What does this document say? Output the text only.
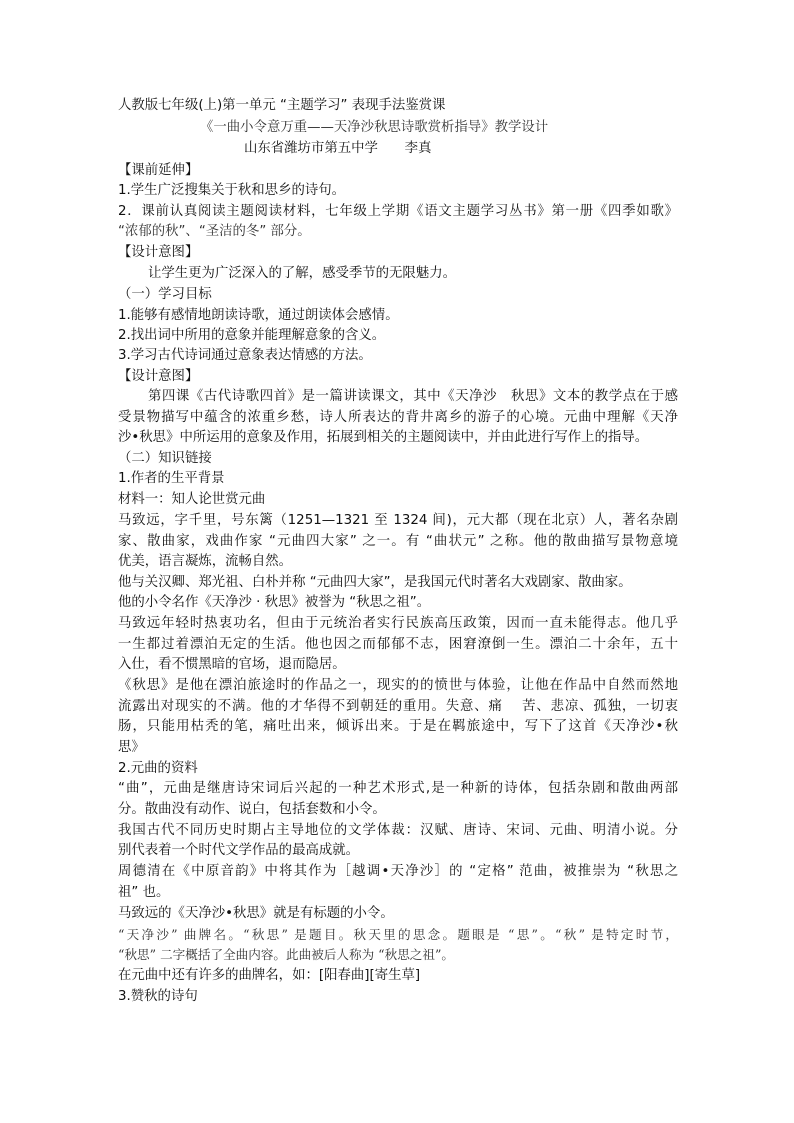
人教版七年级(上)第一单元 “主题学习” 表现手法鉴赏课
《一曲小令意万重——天净沙秋思诗歌赏析指导》教学设计
山东省潍坊市第五中学　　李真
【课前延伸】
1.学生广泛搜集关于秋和思乡的诗句。
2．课前认真阅读主题阅读材料，七年级上学期《语文主题学习丛书》第一册《四季如歌》
“浓郁的秋”、“圣洁的冬” 部分。
【设计意图】
让学生更为广泛深入的了解，感受季节的无限魅力。
（一）学习目标
1.能够有感情地朗读诗歌，通过朗读体会感情。
2.找出词中所用的意象并能理解意象的含义。
3.学习古代诗词通过意象表达情感的方法。
【设计意图】
第四课《古代诗歌四首》是一篇讲读课文，其中《天净沙　秋思》文本的教学点在于感
受景物描写中蕴含的浓重乡愁，诗人所表达的背井离乡的游子的心境。元曲中理解《天净
沙•秋思》中所运用的意象及作用，拓展到相关的主题阅读中，并由此进行写作上的指导。
（二）知识链接
1.作者的生平背景
材料一：知人论世赏元曲
马致远，字千里，号东篱（1251—1321 至 1324 间)，元大都（现在北京）人，著名杂剧
家、散曲家，戏曲作家 “元曲四大家” 之一。有 “曲状元” 之称。他的散曲描写景物意境
优美，语言凝炼，流畅自然。
他与关汉卿、郑光祖、白朴并称 “元曲四大家”，是我国元代时著名大戏剧家、散曲家。
他的小令名作《天净沙 · 秋思》被誉为 “秋思之祖”。
马致远年轻时热衷功名，但由于元统治者实行民族高压政策，因而一直未能得志。他几乎
一生都过着漂泊无定的生活。他也因之而郁郁不志，困窘潦倒一生。漂泊二十余年，五十
入仕，看不惯黑暗的官场，退而隐居。
《秋思》是他在漂泊旅途时的作品之一，现实的的愤世与体验，让他在作品中自然而然地
流露出对现实的不满。他的才华得不到朝廷的重用。失意、痛　 苦、悲凉、孤独，一切衷
肠，只能用枯秃的笔，痛吐出来，倾诉出来。于是在羁旅途中，写下了这首《天净沙•秋
思》
2.元曲的资料
“曲”，元曲是继唐诗宋词后兴起的一种艺术形式,是一种新的诗体，包括杂剧和散曲两部
分。散曲没有动作、说白，包括套数和小令。
我国古代不同历史时期占主导地位的文学体裁：汉赋、唐诗、宋词、元曲、明清小说。分
别代表着一个时代文学作品的最高成就。
周德清在《中原音韵》中将其作为［越调•天净沙］的 “定格” 范曲，被推崇为 “秋思之
祖” 也。
马致远的《天净沙•秋思》就是有标题的小令。
“天净沙” 曲牌名。“秋思” 是题目。秋天里的思念。题眼是 “思”。“秋” 是特定时节，
“秋思” 二字概括了全曲内容。此曲被后人称为 “秋思之祖”。
在元曲中还有许多的曲牌名，如：[阳春曲][寄生草]
3.赞秋的诗句
